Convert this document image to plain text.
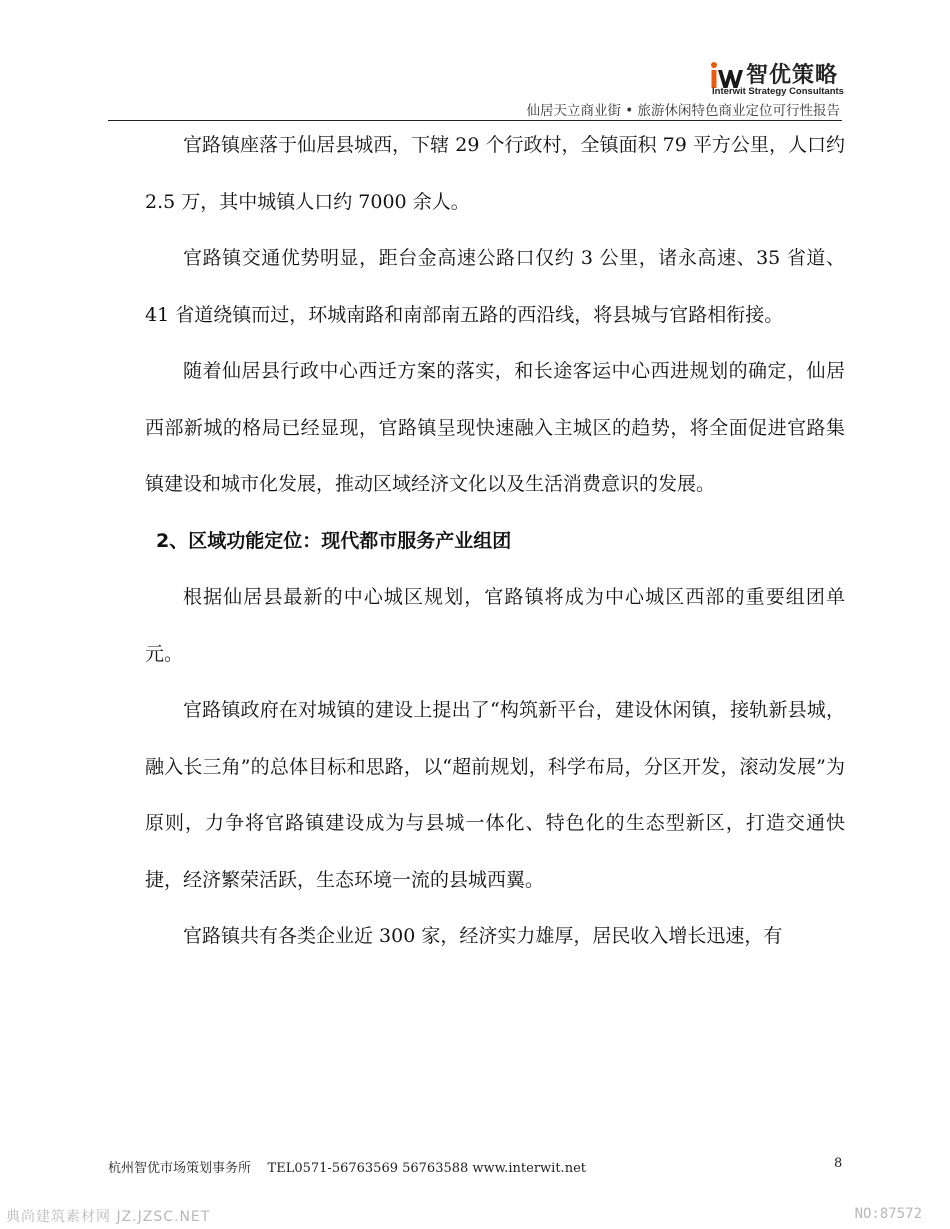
智优策略
Interwit Strategy Consultants
仙居天立商业街 • 旅游休闲特色商业定位可行性报告

官路镇座落于仙居县城西，下辖 29 个行政村，全镇面积 79 平方公里，人口约 2.5 万，其中城镇人口约 7000 余人。

官路镇交通优势明显，距台金高速公路口仅约 3 公里，诸永高速、35 省道、41 省道绕镇而过，环城南路和南部南五路的西沿线，将县城与官路相衔接。

随着仙居县行政中心西迁方案的落实，和长途客运中心西进规划的确定，仙居西部新城的格局已经显现，官路镇呈现快速融入主城区的趋势，将全面促进官路集镇建设和城市化发展，推动区域经济文化以及生活消费意识的发展。

2、区域功能定位：现代都市服务产业组团

根据仙居县最新的中心城区规划，官路镇将成为中心城区西部的重要组团单元。

官路镇政府在对城镇的建设上提出了“构筑新平台，建设休闲镇，接轨新县城，融入长三角”的总体目标和思路，以“超前规划，科学布局，分区开发，滚动发展”为原则，力争将官路镇建设成为与县城一体化、特色化的生态型新区，打造交通快捷，经济繁荣活跃，生态环境一流的县城西翼。

官路镇共有各类企业近 300 家，经济实力雄厚，居民收入增长迅速，有

杭州智优市场策划事务所 TEL0571-56763569 56763588 www.interwit.net	8
典尚建筑素材网 JZ.JZSC.NET	NO:87572
